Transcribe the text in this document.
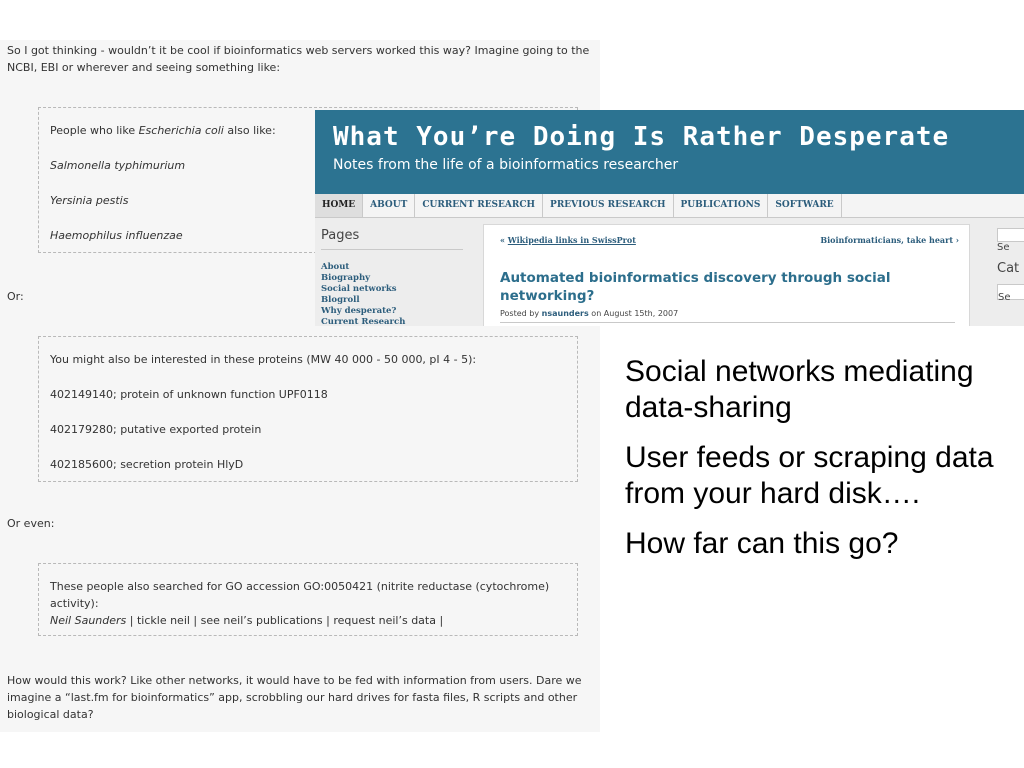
So I got thinking - wouldn’t it be cool if bioinformatics web servers worked this way? Imagine going to the NCBI, EBI or wherever and seeing something like:
People who like Escherichia coli also like:
Salmonella typhimurium
Yersinia pestis
Haemophilus influenzae
Or:
You might also be interested in these proteins (MW 40 000 - 50 000, pI 4 - 5):
402149140; protein of unknown function UPF0118
402179280; putative exported protein
402185600; secretion protein HlyD
Or even:
These people also searched for GO accession GO:0050421 (nitrite reductase (cytochrome) activity):
Neil Saunders | tickle neil | see neil’s publications | request neil’s data |
How would this work? Like other networks, it would have to be fed with information from users. Dare we imagine a “last.fm for bioinformatics” app, scrobbling our hard drives for fasta files, R scripts and other biological data?
What You’re Doing Is Rather Desperate
Notes from the life of a bioinformatics researcher
HOME	ABOUT	CURRENT RESEARCH	PREVIOUS RESEARCH	PUBLICATIONS	SOFTWARE
Pages
About
Biography
Social networks
Blogroll
Why desperate?
Current Research
« Wikipedia links in SwissProt	Bioinformaticians, take heart ›
Automated bioinformatics discovery through social networking?
Posted by nsaunders on August 15th, 2007
Se
Cat
Se
Social networks mediating data-sharing
User feeds or scraping data from your hard disk….
How far can this go?
